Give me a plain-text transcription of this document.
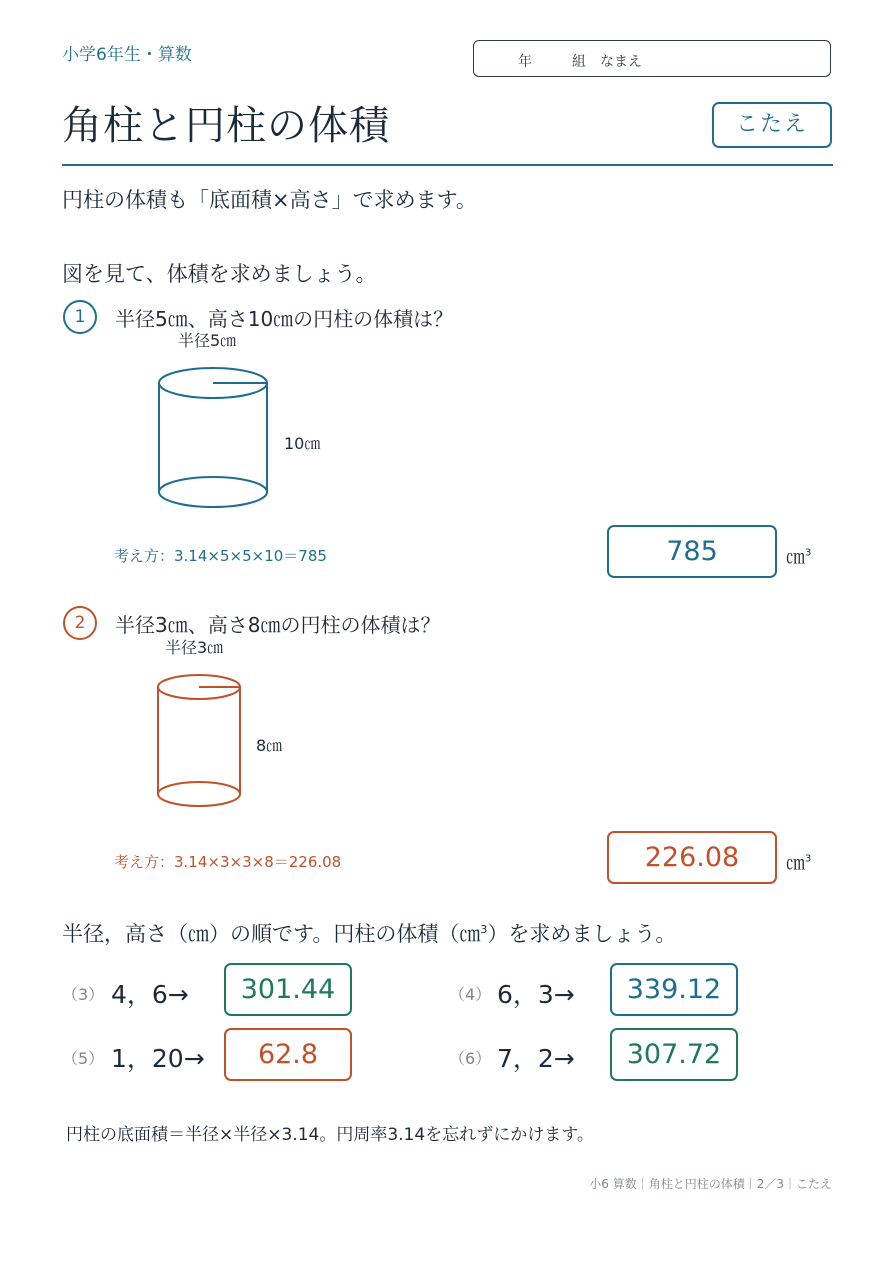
小学6年生・算数	年	組 なまえ
角柱と円柱の体積	こたえ
円柱の体積も「底面積×高さ」で求めます。
図を見て、体積を求めましょう。
1	半径5㎝、高さ10㎝の円柱の体積は？
半径5㎝
10㎝
考え方：3.14×5×5×10＝785	785	㎝$^3$
2	半径3㎝、高さ8㎝の円柱の体積は？
半径3㎝
8㎝
考え方：3.14×3×3×8＝226.08	226.08	㎝$^3$
半径，高さ（㎝）の順です。円柱の体積（㎝$^3$）を求めましょう。
（3） 4，6→	301.44	（4） 6，3→	339.12
（5） 1，20→	62.8	（6） 7，2→	307.72
円柱の底面積＝半径×半径×3.14。円周率3.14を忘れずにかけます。
小6 算数｜角柱と円柱の体積｜2／3｜こたえ
